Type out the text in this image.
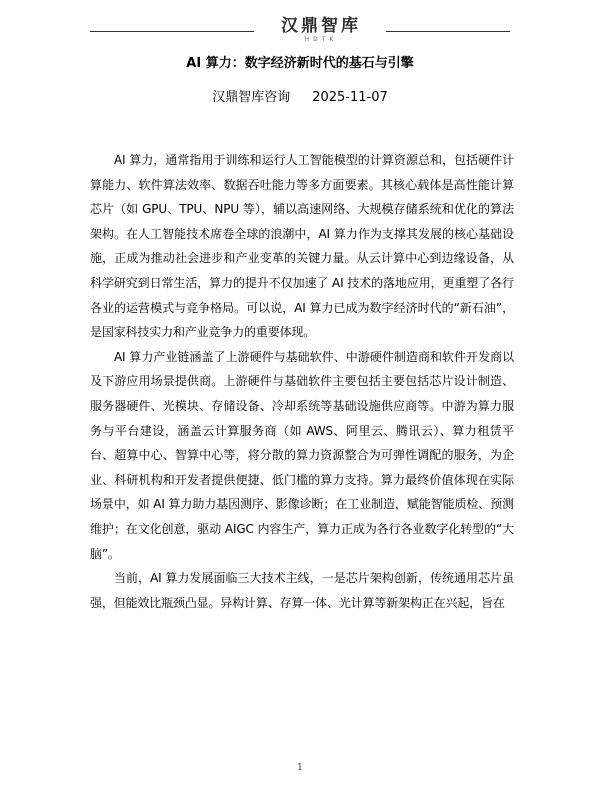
汉鼎智库
HDTK
AI 算力：数字经济新时代的基石与引擎
汉鼎智库咨询 2025-11-07

AI 算力，通常指用于训练和运行人工智能模型的计算资源总和，包括硬件计算能力、软件算法效率、数据吞吐能力等多方面要素。其核心载体是高性能计算芯片（如 GPU、TPU、NPU 等），辅以高速网络、大规模存储系统和优化的算法架构。在人工智能技术席卷全球的浪潮中，AI 算力作为支撑其发展的核心基础设施，正成为推动社会进步和产业变革的关键力量。从云计算中心到边缘设备，从科学研究到日常生活，算力的提升不仅加速了 AI 技术的落地应用，更重塑了各行各业的运营模式与竞争格局。可以说，AI 算力已成为数字经济时代的“新石油”，是国家科技实力和产业竞争力的重要体现。

AI 算力产业链涵盖了上游硬件与基础软件、中游硬件制造商和软件开发商以及下游应用场景提供商。上游硬件与基础软件主要包括主要包括芯片设计制造、服务器硬件、光模块、存储设备、冷却系统等基础设施供应商等。中游为算力服务与平台建设，涵盖云计算服务商（如 AWS、阿里云、腾讯云）、算力租赁平台、超算中心、智算中心等，将分散的算力资源整合为可弹性调配的服务，为企业、科研机构和开发者提供便捷、低门槛的算力支持。算力最终价值体现在实际场景中，如 AI 算力助力基因测序、影像诊断；在工业制造，赋能智能质检、预测维护；在文化创意，驱动 AIGC 内容生产，算力正成为各行各业数字化转型的“大脑”。

当前，AI 算力发展面临三大技术主线，一是芯片架构创新，传统通用芯片虽强，但能效比瓶颈凸显。异构计算、存算一体、光计算等新架构正在兴起，旨在

1
